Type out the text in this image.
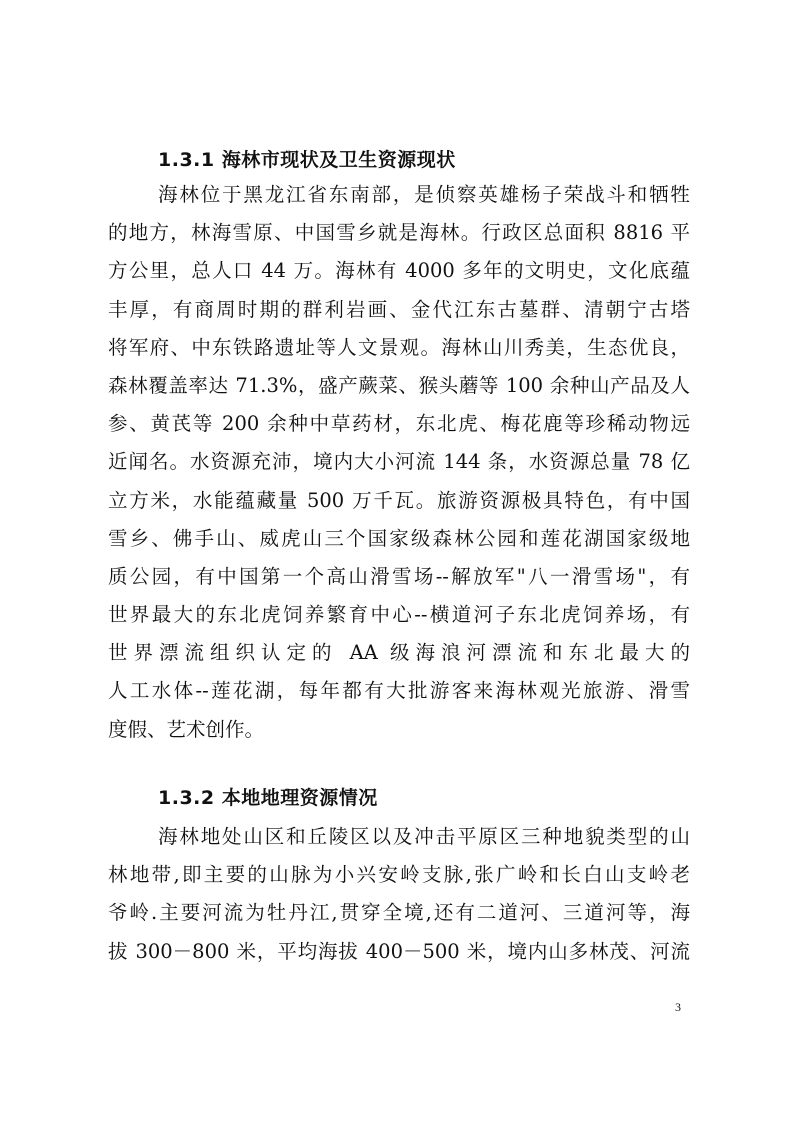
1.3.1 海林市现状及卫生资源现状
海林位于黑龙江省东南部，是侦察英雄杨子荣战斗和牺牲
的地方，林海雪原、中国雪乡就是海林。行政区总面积 8816 平
方公里，总人口 44 万。海林有 4000 多年的文明史，文化底蕴
丰厚，有商周时期的群利岩画、金代江东古墓群、清朝宁古塔
将军府、中东铁路遗址等人文景观。海林山川秀美，生态优良，
森林覆盖率达 71.3%，盛产蕨菜、猴头蘑等 100 余种山产品及人
参、黄芪等 200 余种中草药材，东北虎、梅花鹿等珍稀动物远
近闻名。水资源充沛，境内大小河流 144 条，水资源总量 78 亿
立方米，水能蕴藏量 500 万千瓦。旅游资源极具特色，有中国
雪乡、佛手山、威虎山三个国家级森林公园和莲花湖国家级地
质公园，有中国第一个高山滑雪场--解放军"八一滑雪场"，有
世界最大的东北虎饲养繁育中心--横道河子东北虎饲养场，有
世界漂流组织认定的 AA 级海浪河漂流和东北最大的
人工水体--莲花湖，每年都有大批游客来海林观光旅游、滑雪
度假、艺术创作。
1.3.2 本地地理资源情况
海林地处山区和丘陵区以及冲击平原区三种地貌类型的山
林地带,即主要的山脉为小兴安岭支脉,张广岭和长白山支岭老
爷岭.主要河流为牡丹江,贯穿全境,还有二道河、三道河等，海
拔 300－800 米，平均海拔 400－500 米，境内山多林茂、河流
3
